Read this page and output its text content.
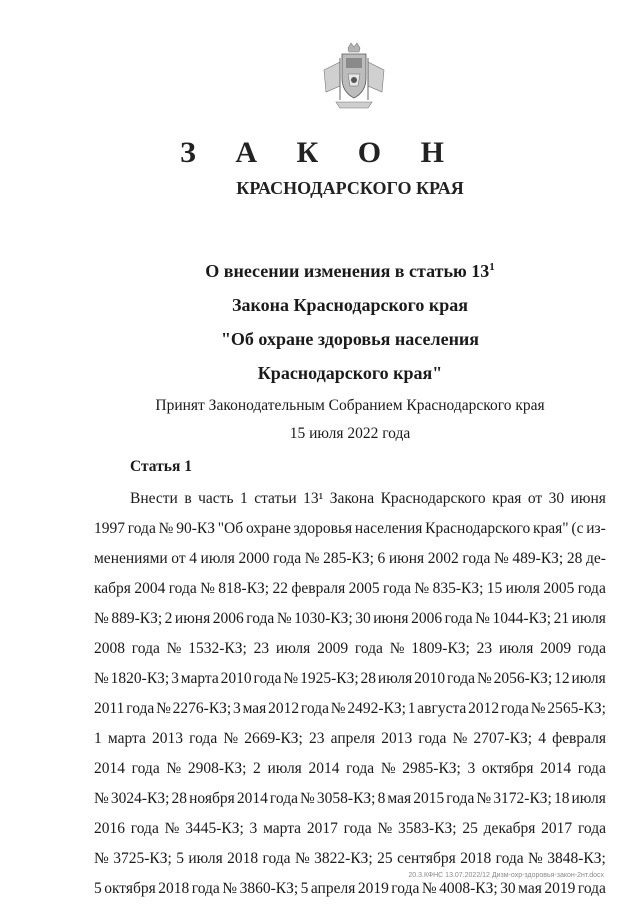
З А К О Н
КРАСНОДАРСКОГО КРАЯ
О внесении изменения в статью $13^1$
Закона Краснодарского края
"Об охране здоровья населения
Краснодарского края"
Принят Законодательным Собранием Краснодарского края
15 июля 2022 года
Статья 1
Внести в часть 1 статьи 13¹ Закона Краснодарского края от 30 июня
1997 года № 90-КЗ "Об охране здоровья населения Краснодарского края" (с из-
менениями от 4 июля 2000 года № 285-КЗ; 6 июня 2002 года № 489-КЗ; 28 де-
кабря 2004 года № 818-КЗ; 22 февраля 2005 года № 835-КЗ; 15 июля 2005 года
№ 889-КЗ; 2 июня 2006 года № 1030-КЗ; 30 июня 2006 года № 1044-КЗ; 21 июля
2008 года № 1532-КЗ; 23 июля 2009 года № 1809-КЗ; 23 июля 2009 года
№ 1820-КЗ; 3 марта 2010 года № 1925-КЗ; 28 июля 2010 года № 2056-КЗ; 12 июля
2011 года № 2276-КЗ; 3 мая 2012 года № 2492-КЗ; 1 августа 2012 года № 2565-КЗ;
1 марта 2013 года № 2669-КЗ; 23 апреля 2013 года № 2707-КЗ; 4 февраля
2014 года № 2908-КЗ; 2 июля 2014 года № 2985-КЗ; 3 октября 2014 года
№ 3024-КЗ; 28 ноября 2014 года № 3058-КЗ; 8 мая 2015 года № 3172-КЗ; 18 июля
2016 года № 3445-КЗ; 3 марта 2017 года № 3583-КЗ; 25 декабря 2017 года
№ 3725-КЗ; 5 июля 2018 года № 3822-КЗ; 25 сентября 2018 года № 3848-КЗ;
5 октября 2018 года № 3860-КЗ; 5 апреля 2019 года № 4008-КЗ; 30 мая 2019 года
20.3.КФНС 13.07.2022/12 Дизм-охр-здоровья-закон-2нт.docx
